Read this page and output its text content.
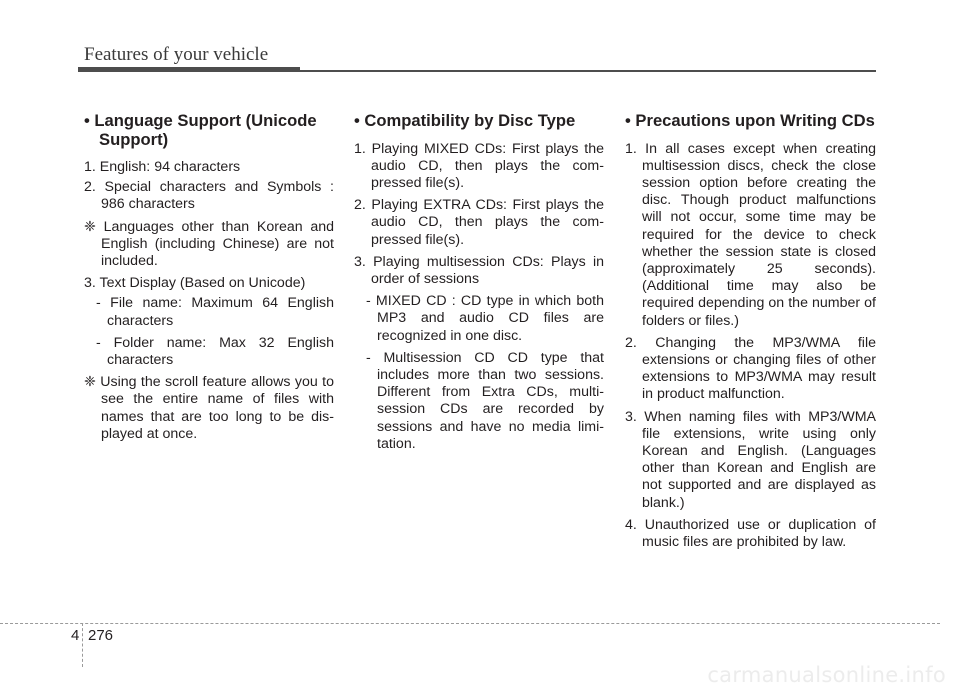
Features of your vehicle
• Language Support (Unicode Support)
1. English: 94 characters
2. Special characters and Symbols : 986 characters
❈ Languages other than Korean and English (including Chinese) are not included.
3. Text Display (Based on Unicode)
- File name: Maximum 64 English characters
- Folder name: Max 32 English characters
❈ Using the scroll feature allows you to see the entire name of files with names that are too long to be displayed at once.
• Compatibility by Disc Type
1. Playing MIXED CDs: First plays the audio CD, then plays the compressed file(s).
2. Playing EXTRA CDs: First plays the audio CD, then plays the compressed file(s).
3. Playing multisession CDs: Plays in order of sessions
- MIXED CD : CD type in which both MP3 and audio CD files are recognized in one disc.
- Multisession CD CD type that includes more than two sessions. Different from Extra CDs, multisession CDs are recorded by sessions and have no media limitation.
• Precautions upon Writing CDs
1. In all cases except when creating multisession discs, check the close session option before creating the disc. Though product malfunctions will not occur, some time may be required for the device to check whether the session state is closed (approximately 25 seconds). (Additional time may also be required depending on the number of folders or files.)
2. Changing the MP3/WMA file extensions or changing files of other extensions to MP3/WMA may result in product malfunction.
3. When naming files with MP3/WMA file extensions, write using only Korean and English. (Languages other than Korean and English are not supported and are displayed as blank.)
4. Unauthorized use or duplication of music files are prohibited by law.
4 276
carmanualsonline.info
